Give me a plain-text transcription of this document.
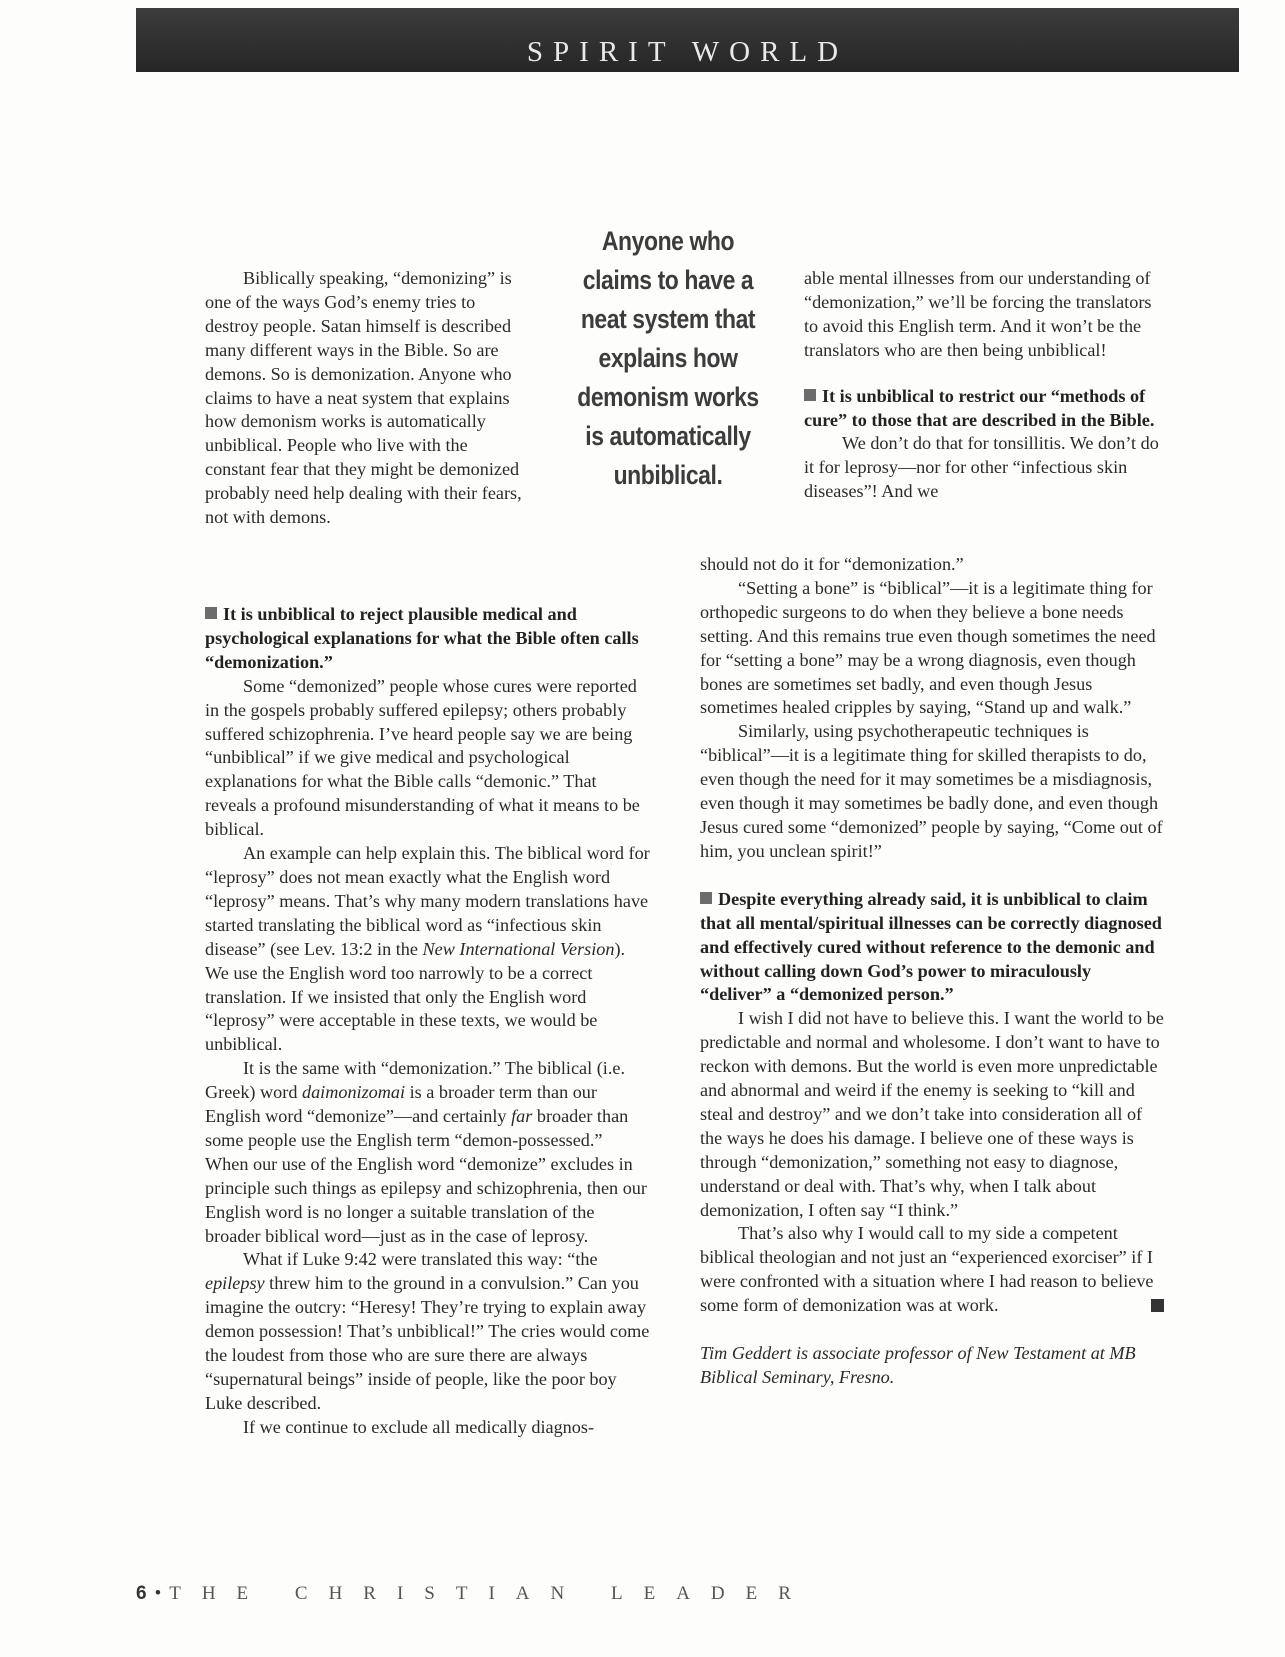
SPIRIT WORLD
Anyone who claims to have a neat system that explains how demonism works is automatically unbiblical.

Biblically speaking, “demonizing” is one of the ways God’s enemy tries to destroy people. Satan himself is described many different ways in the Bible. So are demons. So is demonization. Anyone who claims to have a neat system that explains how demonism works is automatically unbiblical. People who live with the constant fear that they might be demonized probably need help dealing with their fears, not with demons.

It is unbiblical to reject plausible medical and psychological explanations for what the Bible often calls “demonization.”

Some “demonized” people whose cures were reported in the gospels probably suffered epilepsy; others probably suffered schizophrenia. I’ve heard people say we are being “unbiblical” if we give medical and psychological explanations for what the Bible calls “demonic.” That reveals a profound misunderstanding of what it means to be biblical.

An example can help explain this. The biblical word for “leprosy” does not mean exactly what the English word “leprosy” means. That’s why many modern translations have started translating the biblical word as “infectious skin disease” (see Lev. 13:2 in the New International Version). We use the English word too narrowly to be a correct translation. If we insisted that only the English word “leprosy” were acceptable in these texts, we would be unbiblical.

It is the same with “demonization.” The biblical (i.e. Greek) word daimonizomai is a broader term than our English word “demonize”—and certainly far broader than some people use the English term “demon-possessed.” When our use of the English word “demonize” excludes in principle such things as epilepsy and schizophrenia, then our English word is no longer a suitable translation of the broader biblical word—just as in the case of leprosy.

What if Luke 9:42 were translated this way: “the epilepsy threw him to the ground in a convulsion.” Can you imagine the outcry: “Heresy! They’re trying to explain away demon possession! That’s unbiblical!” The cries would come the loudest from those who are sure there are always “supernatural beings” inside of people, like the poor boy Luke described.

If we continue to exclude all medically diagnos-

able mental illnesses from our understanding of “demonization,” we’ll be forcing the translators to avoid this English term. And it won’t be the translators who are then being unbiblical!

It is unbiblical to restrict our “methods of cure” to those that are described in the Bible.

We don’t do that for tonsillitis. We don’t do it for leprosy—nor for other “infectious skin diseases”! And we

should not do it for “demonization.”

“Setting a bone” is “biblical”—it is a legitimate thing for orthopedic surgeons to do when they believe a bone needs setting. And this remains true even though sometimes the need for “setting a bone” may be a wrong diagnosis, even though bones are sometimes set badly, and even though Jesus sometimes healed cripples by saying, “Stand up and walk.”

Similarly, using psychotherapeutic techniques is “biblical”—it is a legitimate thing for skilled therapists to do, even though the need for it may sometimes be a misdiagnosis, even though it may sometimes be badly done, and even though Jesus cured some “demonized” people by saying, “Come out of him, you unclean spirit!”

Despite everything already said, it is unbiblical to claim that all mental/spiritual illnesses can be correctly diagnosed and effectively cured without reference to the demonic and without calling down God’s power to miraculously “deliver” a “demonized person.”

I wish I did not have to believe this. I want the world to be predictable and normal and wholesome. I don’t want to have to reckon with demons. But the world is even more unpredictable and abnormal and weird if the enemy is seeking to “kill and steal and destroy” and we don’t take into consideration all of the ways he does his damage. I believe one of these ways is through “demonization,” something not easy to diagnose, understand or deal with. That’s why, when I talk about demonization, I often say “I think.”

That’s also why I would call to my side a competent biblical theologian and not just an “experienced exorciser” if I were confronted with a situation where I had reason to believe some form of demonization was at work.

Tim Geddert is associate professor of New Testament at MB Biblical Seminary, Fresno.

6 • THE CHRISTIAN LEADER
